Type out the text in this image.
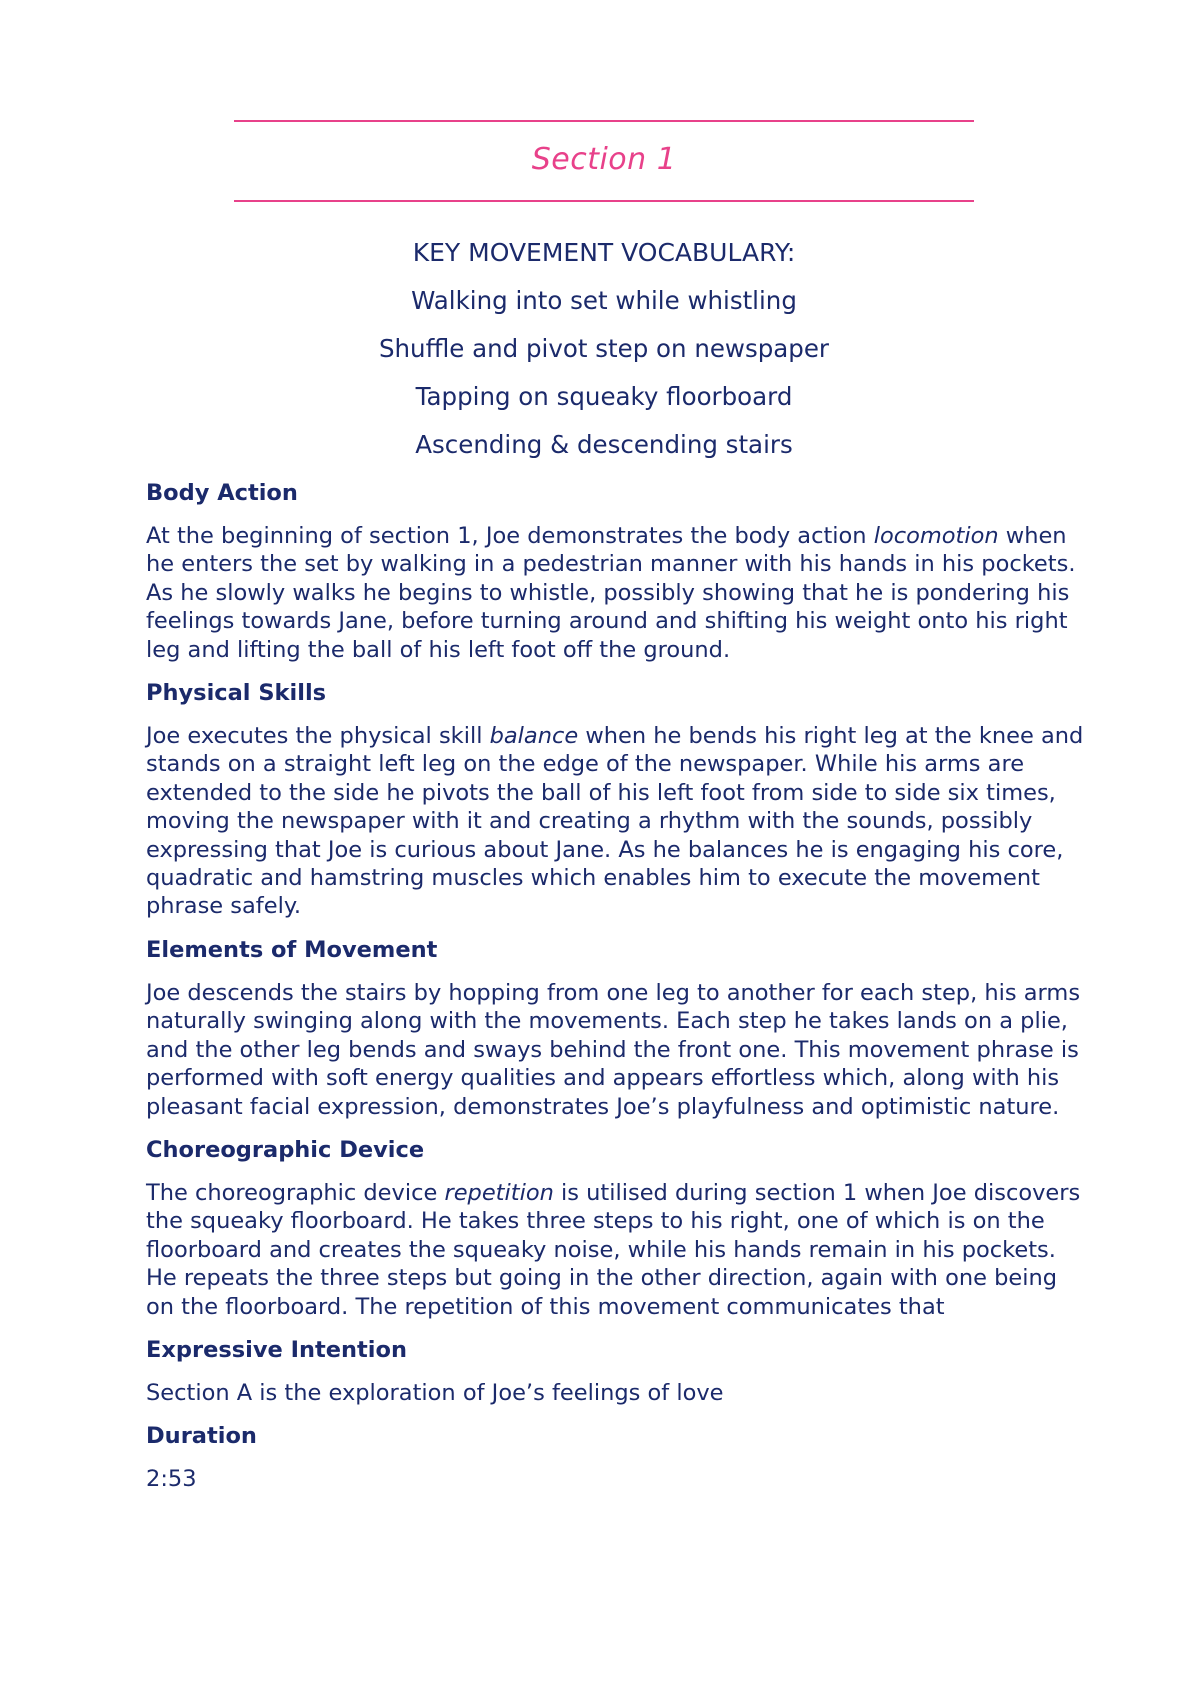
Section 1
KEY MOVEMENT VOCABULARY:
Walking into set while whistling
Shuffle and pivot step on newspaper
Tapping on squeaky floorboard
Ascending & descending stairs
Body Action
At the beginning of section 1, Joe demonstrates the body action locomotion when he enters the set by walking in a pedestrian manner with his hands in his pockets. As he slowly walks he begins to whistle, possibly showing that he is pondering his feelings towards Jane, before turning around and shifting his weight onto his right leg and lifting the ball of his left foot off the ground.
Physical Skills
Joe executes the physical skill balance when he bends his right leg at the knee and stands on a straight left leg on the edge of the newspaper. While his arms are extended to the side he pivots the ball of his left foot from side to side six times, moving the newspaper with it and creating a rhythm with the sounds, possibly expressing that Joe is curious about Jane. As he balances he is engaging his core, quadratic and hamstring muscles which enables him to execute the movement phrase safely.
Elements of Movement
Joe descends the stairs by hopping from one leg to another for each step, his arms naturally swinging along with the movements. Each step he takes lands on a plie, and the other leg bends and sways behind the front one. This movement phrase is performed with soft energy qualities and appears effortless which, along with his pleasant facial expression, demonstrates Joe’s playfulness and optimistic nature.
Choreographic Device
The choreographic device repetition is utilised during section 1 when Joe discovers the squeaky floorboard. He takes three steps to his right, one of which is on the floorboard and creates the squeaky noise, while his hands remain in his pockets. He repeats the three steps but going in the other direction, again with one being on the floorboard. The repetition of this movement communicates that
Expressive Intention
Section A is the exploration of Joe’s feelings of love
Duration
2:53
